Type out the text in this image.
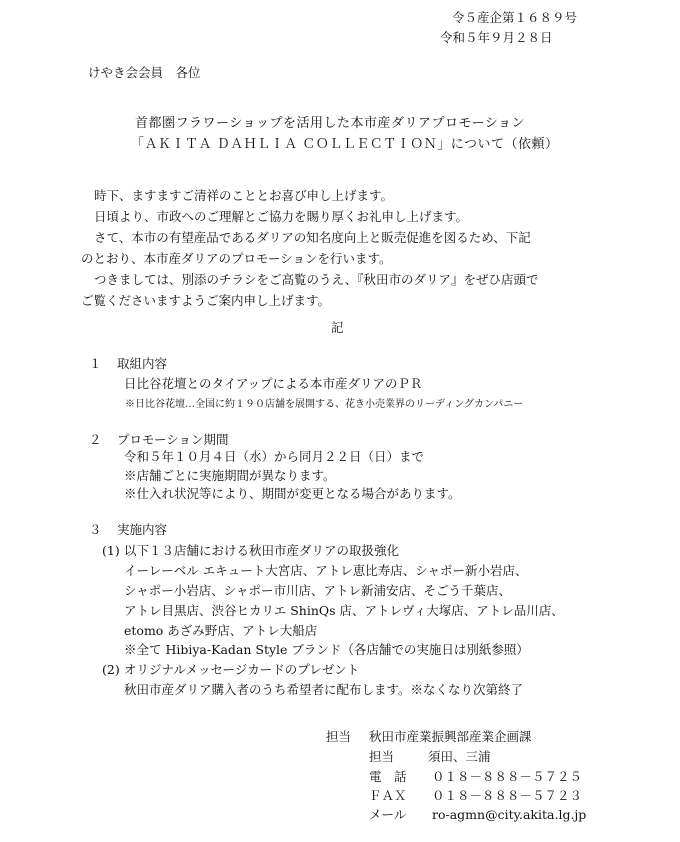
令５産企第１６８９号
令和５年９月２８日
けやき会会員　各位
首都圏フラワーショップを活用した本市産ダリアプロモーション
「ＡＫＩＴＡ ＤＡＨＬＩＡ ＣＯＬＬＥＣＴＩＯＮ」について（依頼）
時下、ますますご清祥のこととお喜び申し上げます。
日頃より、市政へのご理解とご協力を賜り厚くお礼申し上げます。
さて、本市の有望産品であるダリアの知名度向上と販売促進を図るため、下記
のとおり、本市産ダリアのプロモーションを行います。
つきましては、別添のチラシをご高覧のうえ、『秋田市のダリア』をぜひ店頭で
ご覧くださいますようご案内申し上げます。
記
１ 取組内容
日比谷花壇とのタイアップによる本市産ダリアのＰＲ
※日比谷花壇…全国に約１９０店舗を展開する、花き小売業界のリーディングカンパニー
２ プロモーション期間
令和５年１０月４日（水）から同月２２日（日）まで
※店舗ごとに実施期間が異なります。
※仕入れ状況等により、期間が変更となる場合があります。
３ 実施内容
(1) 以下１３店舗における秋田市産ダリアの取扱強化
イーレーベル エキュート大宮店、アトレ恵比寿店、シャポー新小岩店、
シャポー小岩店、シャポー市川店、アトレ新浦安店、そごう千葉店、
アトレ目黒店、渋谷ヒカリエ ShinQs 店、アトレヴィ大塚店、アトレ品川店、
etomo あざみ野店、アトレ大船店
※全て Hibiya-Kadan Style ブランド（各店舗での実施日は別紙参照）
(2) オリジナルメッセージカードのプレゼント
秋田市産ダリア購入者のうち希望者に配布します。※なくなり次第終了
担当 秋田市産業振興部産業企画課
担当	須田、三浦
電　話 ０１８－８８８－５７２５
ＦＡＸ ０１８－８８８－５７２３
メール ro-agmn@city.akita.lg.jp
